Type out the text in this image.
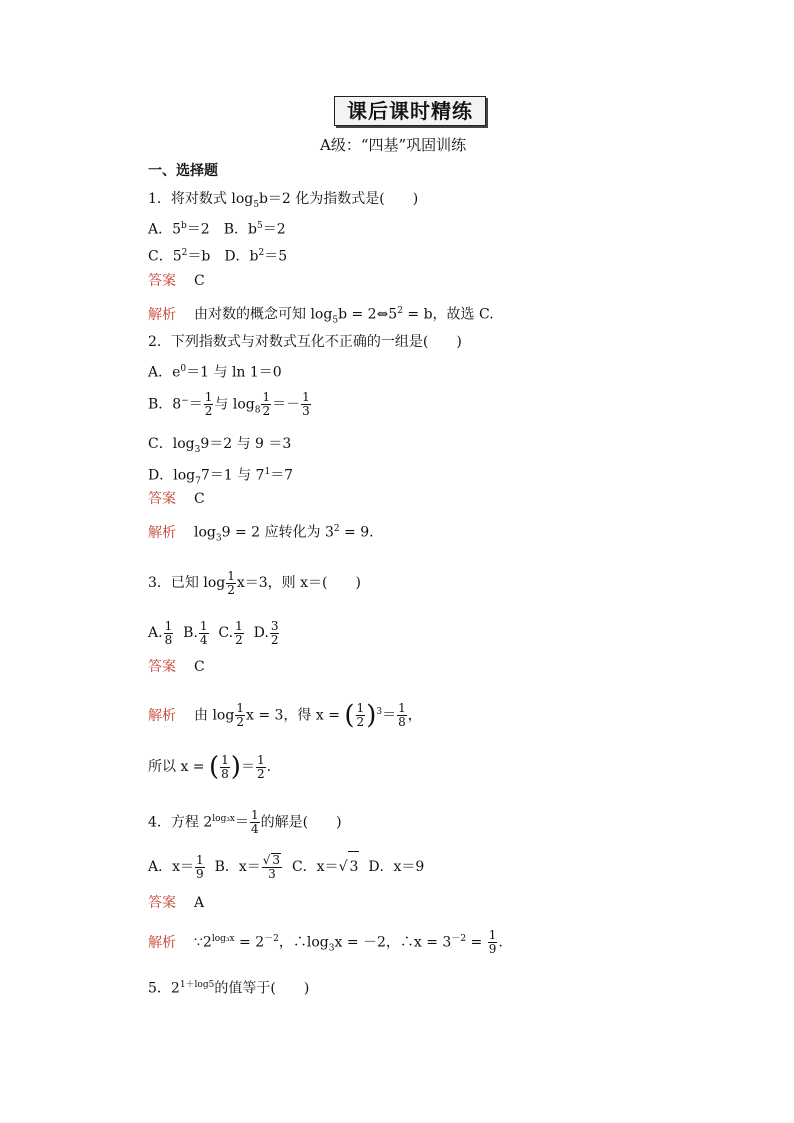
课后课时精练
A级：“四基”巩固训练
一、选择题
1．将对数式 $\log_5b=2$ 化为指数式是(　　)
A．$5^b=2$　B．$b^5=2$
C．$5^2=b$　D．$b^2=5$
答案 C
解析 由对数的概念可知 $\log_5b$ = $2\Leftrightarrow 5^2 = b$，故选 C.
2．下列指数式与对数式互化不正确的一组是(　　)
A．$e^0=1$ 与 ln 1＝0
B．$8^-= \frac{1}{2}$ 与 $\log_8 \frac{1}{2} =- \frac{1}{3}$
C．$\log_39=2$ 与 9 ＝3
D．$\log_77=1$ 与 $7^1=7$
答案 C
解析 $\log_39 = 2$ 应转化为 $3^2 = 9$.
3．已知 $\log \frac{1}{2} x=3$，则 x＝(　　)
A. $\frac{1}{8} B$. $\frac{1}{4} C$. $\frac{1}{2} D$. $\frac{3}{2}$
答案 C
解析 由 $\log \frac{1}{2}$ x = 3，得 x = ( $\frac{1}{2} )^3= \frac{1}{8}$ ，
所以 x = ( $\frac{1}{8}$ )＝ $\frac{1}{2}$ .
4．方程 $2^{log_3x}= \frac{1}{4}$ 的解是(　　)
A．$x= \frac{1}{9}$ B．$x= \frac{√ 3}{3}$ C．x＝√ 3 D．x＝9
答案 A
解析 $\because 2^{log_3x} = 2^{-2}$，$\therefore\log_3x = -2$，∴x = $3^{-2} = \frac{1}{9}$ .
5．$2^{1+log5}$的值等于(　　)
